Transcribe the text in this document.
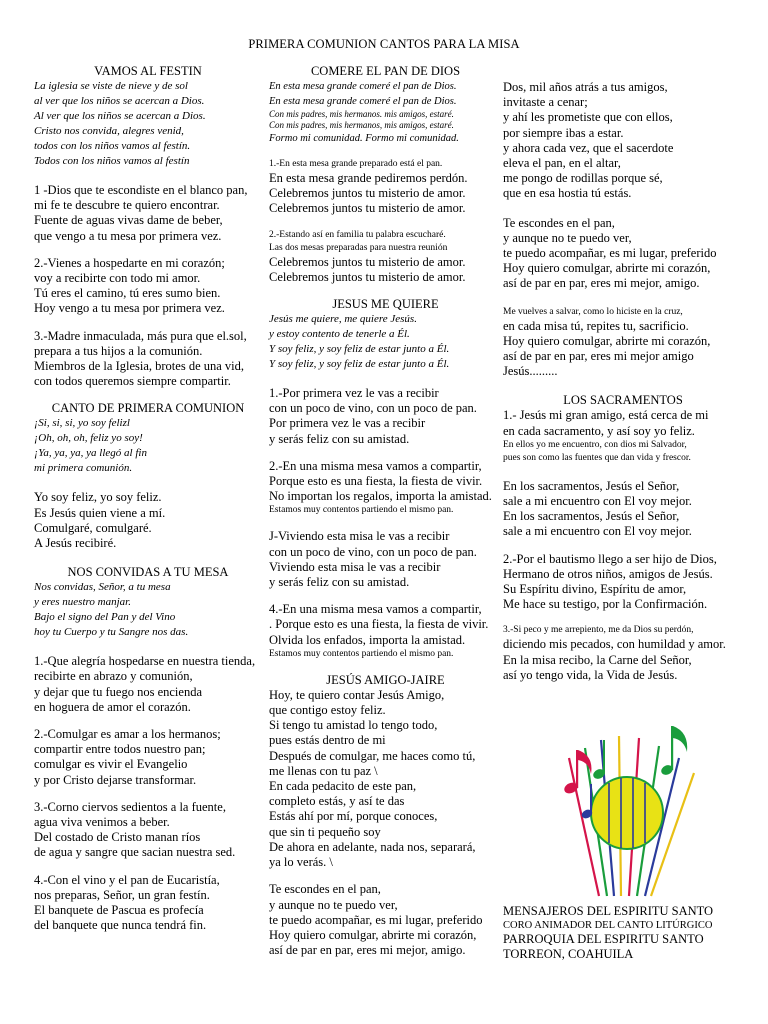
PRIMERA COMUNION CANTOS PARA LA MISA
VAMOS AL FESTIN
La iglesia se viste de nieve y de sol
al ver que los niños se acercan a Dios.
Al ver que los niños se acercan a Dios.
Cristo nos convida, alegres venid,
todos con los niños vamos al festín.
Todos con los niños vamos al festín
1 -Dios que te escondiste en el blanco pan,
mi fe te descubre te quiero encontrar.
Fuente de aguas vivas dame de beber,
que vengo a tu mesa por primera vez.
2.-Vienes a hospedarte en mi corazón;
voy a recibirte con todo mi amor.
Tú eres el camino, tú eres sumo bien.
Hoy vengo a tu mesa por primera vez.
3.-Madre inmaculada, más pura que el.sol,
prepara a tus hijos a la comunión.
Miembros de la Iglesia, brotes de una vid,
con todos queremos siempre compartir.
CANTO DE PRIMERA COMUNION
¡Si, si, si, yo soy felizl
¡Oh, oh, oh, feliz yo soy!
¡Ya, ya, ya, ya llegó al fin
mi primera comunión.
Yo soy feliz, yo soy feliz.
Es Jesús quien viene a mí.
Comulgaré, comulgaré.
A Jesús recibiré.
NOS CONVIDAS A TU MESA
Nos convidas, Señor, a tu mesa
y eres nuestro manjar.
Bajo el signo del Pan y del Vino
hoy tu Cuerpo y tu Sangre nos das.
1.-Que alegría hospedarse en nuestra tienda,
recibirte en abrazo y comunión,
y dejar que tu fuego nos encienda
en hoguera de amor el corazón.
2.-Comulgar es amar a los hermanos;
compartir entre todos nuestro pan;
comulgar es vivir el Evangelio
y por Cristo dejarse transformar.
3.-Corno ciervos sedientos a la fuente,
agua viva venimos a beber.
Del costado de Cristo manan ríos
de agua y sangre que sacian nuestra sed.
4.-Con el vino y el pan de Eucaristía,
nos preparas, Señor, un gran festín.
El banquete de Pascua es profecía
del banquete que nunca tendrá fin.
COMERE EL PAN DE DIOS
En esta mesa grande comeré el pan de Dios.
En esta mesa grande comeré el pan de Dios.
Con mis padres, mis hermanos. mis amigos, estaré.
Con mis padres, mis hermanos, mis amigos, estaré.
Formo mi comunidad. Formo mi comunidad.
1.-En esta mesa grande preparado está el pan.
En esta mesa grande pediremos perdón.
Celebremos juntos tu misterio de amor.
Celebremos juntos tu misterio de amor.
2.-Estando así en familia tu palabra escucharé.
Las dos mesas preparadas para nuestra reunión
Celebremos juntos tu misterio de amor.
Celebremos juntos tu misterio de amor.
JESUS ME QUIERE
Jesús me quiere, me quiere Jesús.
y estoy contento de tenerle a Él.
Y soy feliz, y soy feliz de estar junto a Él.
Y soy feliz, y soy feliz de estar junto a Él.
1.-Por primera vez le vas a recibir
con un poco de vino, con un poco de pan.
Por primera vez le vas a recibir
y serás feliz con su amistad.
2.-En una misma mesa vamos a compartir,
Porque esto es una fiesta, la fiesta de vivir.
No importan los regalos, importa la amistad.
Estamos muy contentos partiendo el mismo pan.
J-Viviendo esta misa le vas a recibir
con un poco de vino, con un poco de pan.
Viviendo esta misa le vas a recibir
y serás feliz con su amistad.
4.-En una misma mesa vamos a compartir,
. Porque esto es una fiesta, la fiesta de vivir.
Olvida los enfados, importa la amistad.
Estamos muy contentos partiendo el mismo pan.
JESÚS AMIGO-JAIRE
Hoy, te quiero contar Jesús Amigo,
que contigo estoy feliz.
Si tengo tu amistad lo tengo todo,
pues estás dentro de mi
Después de comulgar, me haces como tú,
me llenas con tu paz \
En cada pedacito de este pan,
completo estás, y así te das
Estás ahí por mí, porque conoces,
que sin ti pequeño soy
De ahora en adelante, nada nos, separará,
ya lo verás. \
Te escondes en el pan,
y aunque no te puedo ver,
te puedo acompañar, es mi lugar, preferido
Hoy quiero comulgar, abrirte mi corazón,
así de par en par, eres mi mejor, amigo.
Dos, mil años atrás a tus amigos,
invitaste a cenar;
y ahí les prometiste que con ellos,
por siempre ibas a estar.
y ahora cada vez, que el sacerdote
eleva el pan, en el altar,
me pongo de rodillas porque sé,
que en esa hostia tú estás.
Te escondes en el pan,
y aunque no te puedo ver,
te puedo acompañar, es mi lugar, preferido
Hoy quiero comulgar, abrirte mi corazón,
así de par en par, eres mi mejor, amigo.
Me vuelves a salvar, como lo hiciste en la cruz,
en cada misa tú, repites tu, sacrificio.
Hoy quiero comulgar, abrirte mi corazón,
así de par en par, eres mi mejor amigo
Jesús.........
LOS SACRAMENTOS
1.- Jesús mi gran amigo, está cerca de mi
en cada sacramento, y así soy yo feliz.
En ellos yo me encuentro, con dios mi Salvador,
pues son como las fuentes que dan vida y frescor.
En los sacramentos, Jesús el Señor,
sale a mi encuentro con El voy mejor.
En los sacramentos, Jesús el Señor,
sale a mi encuentro con El voy mejor.
2.-Por el bautismo llego a ser hijo de Dios,
Hermano de otros niños, amigos de Jesús.
Su Espíritu divino, Espíritu de amor,
Me hace su testigo, por la Confirmación.
3.-Si peco y me arrepiento, me da Dios su perdón,
diciendo mis pecados, con humildad y amor.
En la misa recibo, la Carne del Señor,
así yo tengo vida, la Vida de Jesús.
MENSAJEROS DEL ESPIRITU SANTO
CORO ANIMADOR DEL CANTO LITÚRGICO
PARROQUIA DEL ESPIRITU SANTO
TORREON, COAHUILA
